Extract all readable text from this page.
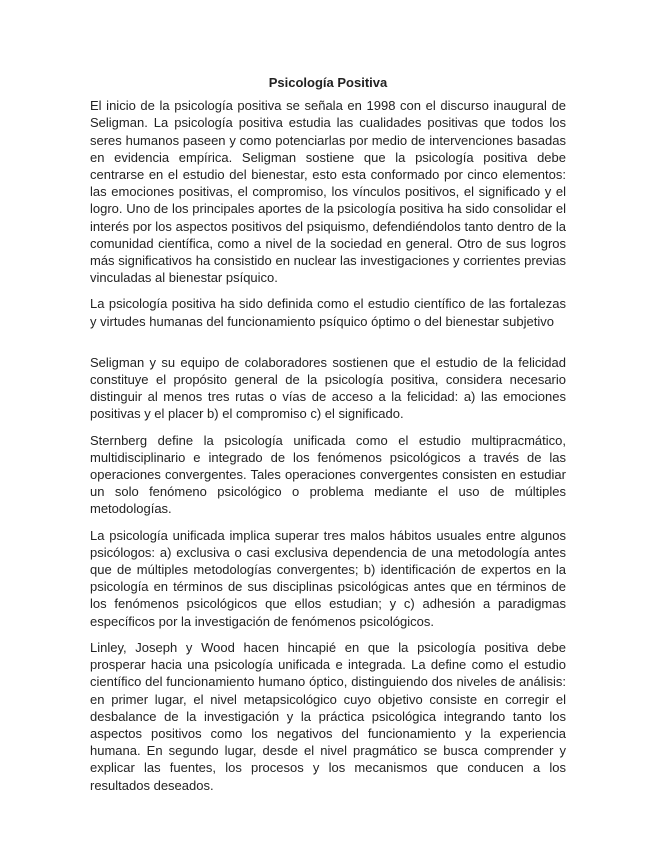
Psicología Positiva

El inicio de la psicología positiva se señala en 1998 con el discurso inaugural de Seligman. La psicología positiva estudia las cualidades positivas que todos los seres humanos paseen y como potenciarlas por medio de intervenciones basadas en evidencia empírica. Seligman sostiene que la psicología positiva debe centrarse en el estudio del bienestar, esto esta conformado por cinco elementos: las emociones positivas, el compromiso, los vínculos positivos, el significado y el logro. Uno de los principales aportes de la psicología positiva ha sido consolidar el interés por los aspectos positivos del psiquismo, defendiéndolos tanto dentro de la comunidad científica, como a nivel de la sociedad en general. Otro de sus logros más significativos ha consistido en nuclear las investigaciones y corrientes previas vinculadas al bienestar psíquico.

La psicología positiva ha sido definida como el estudio científico de las fortalezas y virtudes humanas del funcionamiento psíquico óptimo o del bienestar subjetivo

Seligman y su equipo de colaboradores sostienen que el estudio de la felicidad constituye el propósito general de la psicología positiva, considera necesario distinguir al menos tres rutas o vías de acceso a la felicidad: a) las emociones positivas y el placer b) el compromiso c) el significado.

Sternberg define la psicología unificada como el estudio multipracmático, multidisciplinario e integrado de los fenómenos psicológicos a través de las operaciones convergentes. Tales operaciones convergentes consisten en estudiar un solo fenómeno psicológico o problema mediante el uso de múltiples metodologías.

La psicología unificada implica superar tres malos hábitos usuales entre algunos psicólogos: a) exclusiva o casi exclusiva dependencia de una metodología antes que de múltiples metodologías convergentes; b) identificación de expertos en la psicología en términos de sus disciplinas psicológicas antes que en términos de los fenómenos psicológicos que ellos estudian; y c) adhesión a paradigmas específicos por la investigación de fenómenos psicológicos.

Linley, Joseph y Wood hacen hincapié en que la psicología positiva debe prosperar hacia una psicología unificada e integrada. La define como el estudio científico del funcionamiento humano óptico, distinguiendo dos niveles de análisis: en primer lugar, el nivel metapsicológico cuyo objetivo consiste en corregir el desbalance de la investigación y la práctica psicológica integrando tanto los aspectos positivos como los negativos del funcionamiento y la experiencia humana. En segundo lugar, desde el nivel pragmático se busca comprender y explicar las fuentes, los procesos y los mecanismos que conducen a los resultados deseados.
